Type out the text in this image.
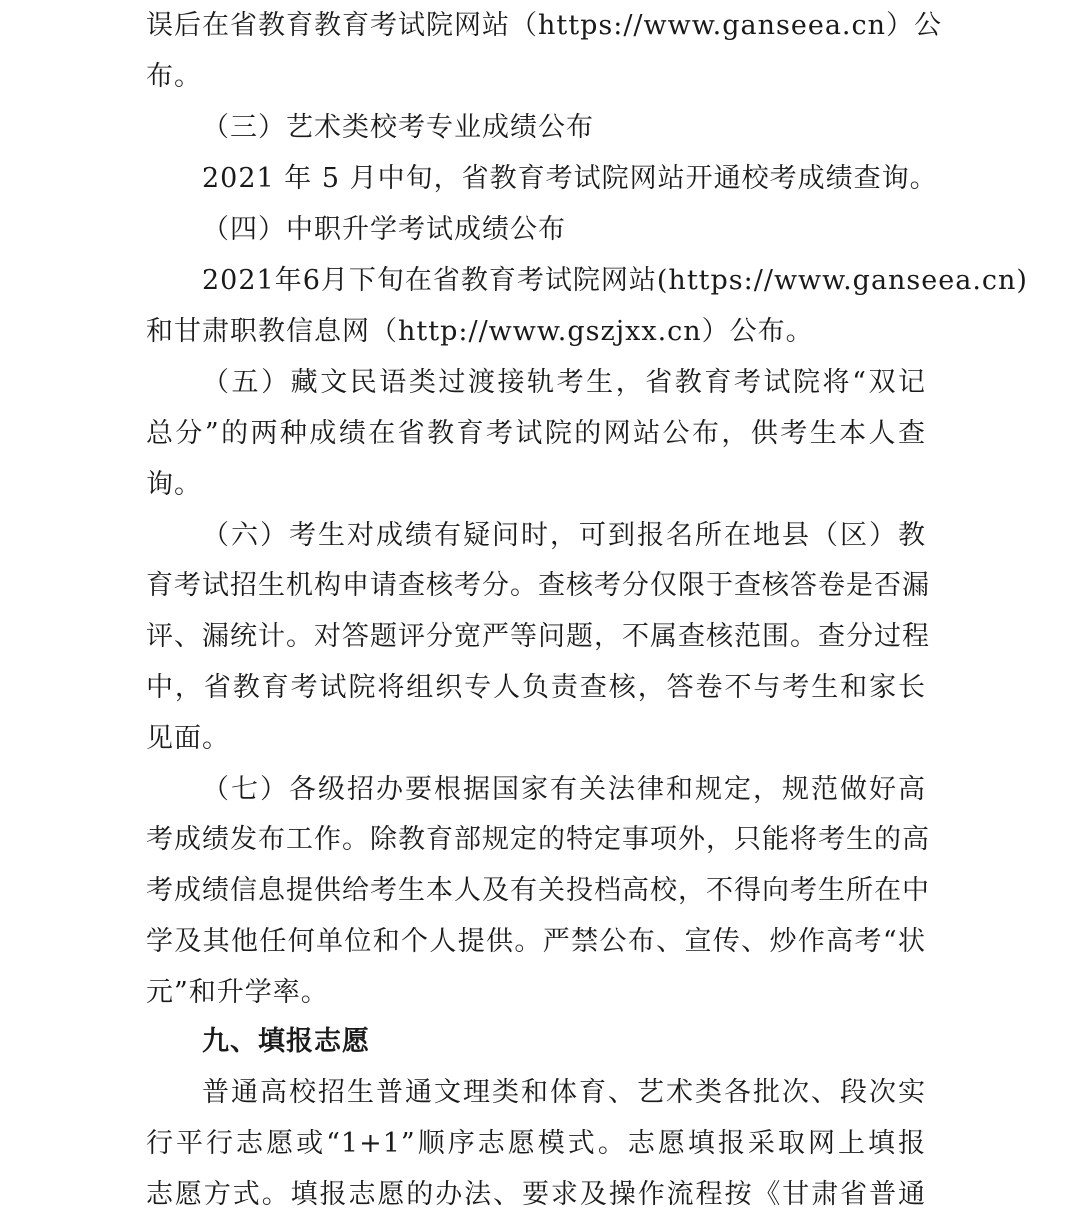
误后在省教育教育考试院网站（https://www.ganseea.cn）公
布。
（三）艺术类校考专业成绩公布
2021 年 5 月中旬，省教育考试院网站开通校考成绩查询。
（四）中职升学考试成绩公布
2021年6月下旬在省教育考试院网站(https://www.ganseea.cn)
和甘肃职教信息网（http://www.gszjxx.cn）公布。
（五）藏文民语类过渡接轨考生，省教育考试院将“双记
总分”的两种成绩在省教育考试院的网站公布，供考生本人查
询。
（六）考生对成绩有疑问时，可到报名所在地县（区）教
育考试招生机构申请查核考分。查核考分仅限于查核答卷是否漏
评、漏统计。对答题评分宽严等问题，不属查核范围。查分过程
中，省教育考试院将组织专人负责查核，答卷不与考生和家长
见面。
（七）各级招办要根据国家有关法律和规定，规范做好高
考成绩发布工作。除教育部规定的特定事项外，只能将考生的高
考成绩信息提供给考生本人及有关投档高校，不得向考生所在中
学及其他任何单位和个人提供。严禁公布、宣传、炒作高考“状
元”和升学率。
九、填报志愿
普通高校招生普通文理类和体育、艺术类各批次、段次实
行平行志愿或“1+1”顺序志愿模式。志愿填报采取网上填报
志愿方式。填报志愿的办法、要求及操作流程按《甘肃省普通
